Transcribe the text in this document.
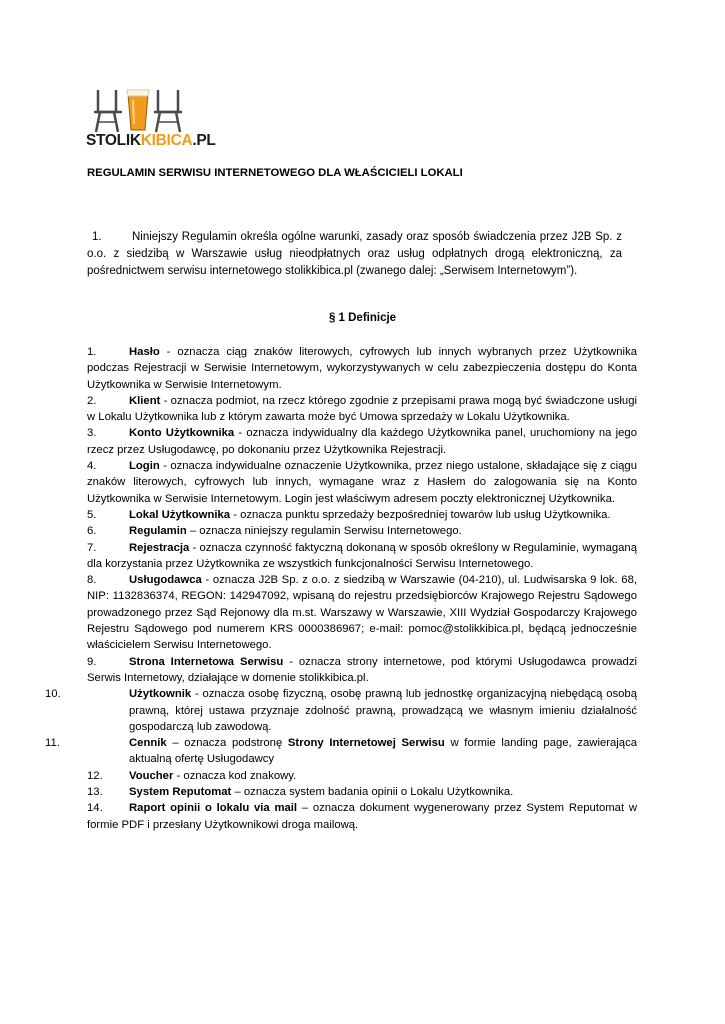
STOLIKKIBICA.PL
REGULAMIN SERWISU INTERNETOWEGO DLA WŁAŚCICIELI LOKALI
1.	Niniejszy Regulamin określa ogólne warunki, zasady oraz sposób świadczenia przez J2B Sp. z o.o. z siedzibą w Warszawie usług nieodpłatnych oraz usług odpłatnych drogą elektroniczną, za pośrednictwem serwisu internetowego stolikkibica.pl (zwanego dalej: „Serwisem Internetowym”).
§ 1 Definicje

1.	Hasło - oznacza ciąg znaków literowych, cyfrowych lub innych wybranych przez Użytkownika podczas Rejestracji w Serwisie Internetowym, wykorzystywanych w celu zabezpieczenia dostępu do Konta Użytkownika w Serwisie Internetowym.

2.	Klient - oznacza podmiot, na rzecz którego zgodnie z przepisami prawa mogą być świadczone usługi w Lokalu Użytkownika lub z którym zawarta może być Umowa sprzedaży w Lokalu Użytkownika.

3.	Konto Użytkownika - oznacza indywidualny dla każdego Użytkownika panel, uruchomiony na jego rzecz przez Usługodawcę, po dokonaniu przez Użytkownika Rejestracji.

4.	Login - oznacza indywidualne oznaczenie Użytkownika, przez niego ustalone, składające się z ciągu znaków literowych, cyfrowych lub innych, wymagane wraz z Hasłem do zalogowania się na Konto Użytkownika w Serwisie Internetowym. Login jest właściwym adresem poczty elektronicznej Użytkownika.

5.	Lokal Użytkownika - oznacza punktu sprzedaży bezpośredniej towarów lub usług Użytkownika.

6.	Regulamin – oznacza niniejszy regulamin Serwisu Internetowego.

7.	Rejestracja - oznacza czynność faktyczną dokonaną w sposób określony w Regulaminie, wymaganą dla korzystania przez Użytkownika ze wszystkich funkcjonalności Serwisu Internetowego.

8.	Usługodawca - oznacza J2B Sp. z o.o. z siedzibą w Warszawie (04-210), ul. Ludwisarska 9 lok. 68, NIP: 1132836374, REGON: 142947092, wpisaną do rejestru przedsiębiorców Krajowego Rejestru Sądowego prowadzonego przez Sąd Rejonowy dla m.st. Warszawy w Warszawie, XIII Wydział Gospodarczy Krajowego Rejestru Sądowego pod numerem KRS 0000386967; e-mail: pomoc@stolikkibica.pl, będącą jednocześnie właścicielem Serwisu Internetowego.

9.	Strona Internetowa Serwisu - oznacza strony internetowe, pod którymi Usługodawca prowadzi Serwis Internetowy, działające w domenie stolikkibica.pl.

10.	Użytkownik - oznacza osobę fizyczną, osobę prawną lub jednostkę organizacyjną niebędącą osobą prawną, której ustawa przyznaje zdolność prawną, prowadzącą we własnym imieniu działalność gospodarczą lub zawodową.

11.	Cennik – oznacza podstronę Strony Internetowej Serwisu w formie landing page, zawierająca aktualną ofertę Usługodawcy

12. Voucher - oznacza kod znakowy.

13. System Reputomat – oznacza system badania opinii o Lokalu Użytkownika.

14. Raport opinii o lokalu via mail – oznacza dokument wygenerowany przez System Reputomat w formie PDF i przesłany Użytkownikowi droga mailową.
